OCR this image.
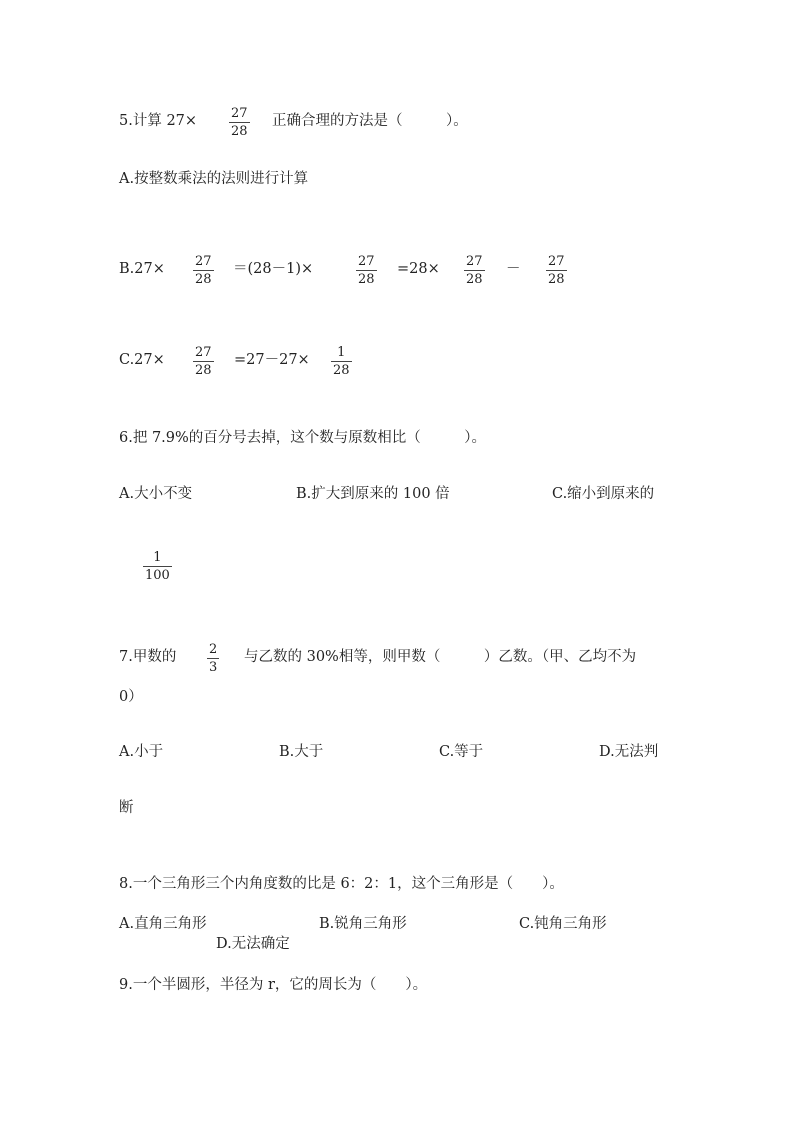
5.计算 27×	27
28
正确合理的方法是（　　　）。
A.按整数乘法的法则进行计算
B.27× 27
28
＝(28－1)×	27
28
=28× 27
28
－ 27
28
C.27× 27
28
=27－27× 1
28
6.把 7.9%的百分号去掉，这个数与原数相比（　　　）。
A.大小不变	B.扩大到原来的 100 倍	C.缩小到原来的
1
100
7.甲数的	2
3
与乙数的 30%相等，则甲数（　　　）乙数。（甲、乙均不为
0）
A.小于	B.大于	C.等于	D.无法判
断
8.一个三角形三个内角度数的比是 6：2：1，这个三角形是（　　）。
A.直角三角形	B.锐角三角形	C.钝角三角形
D.无法确定
9.一个半圆形，半径为 r，它的周长为（　　）。
